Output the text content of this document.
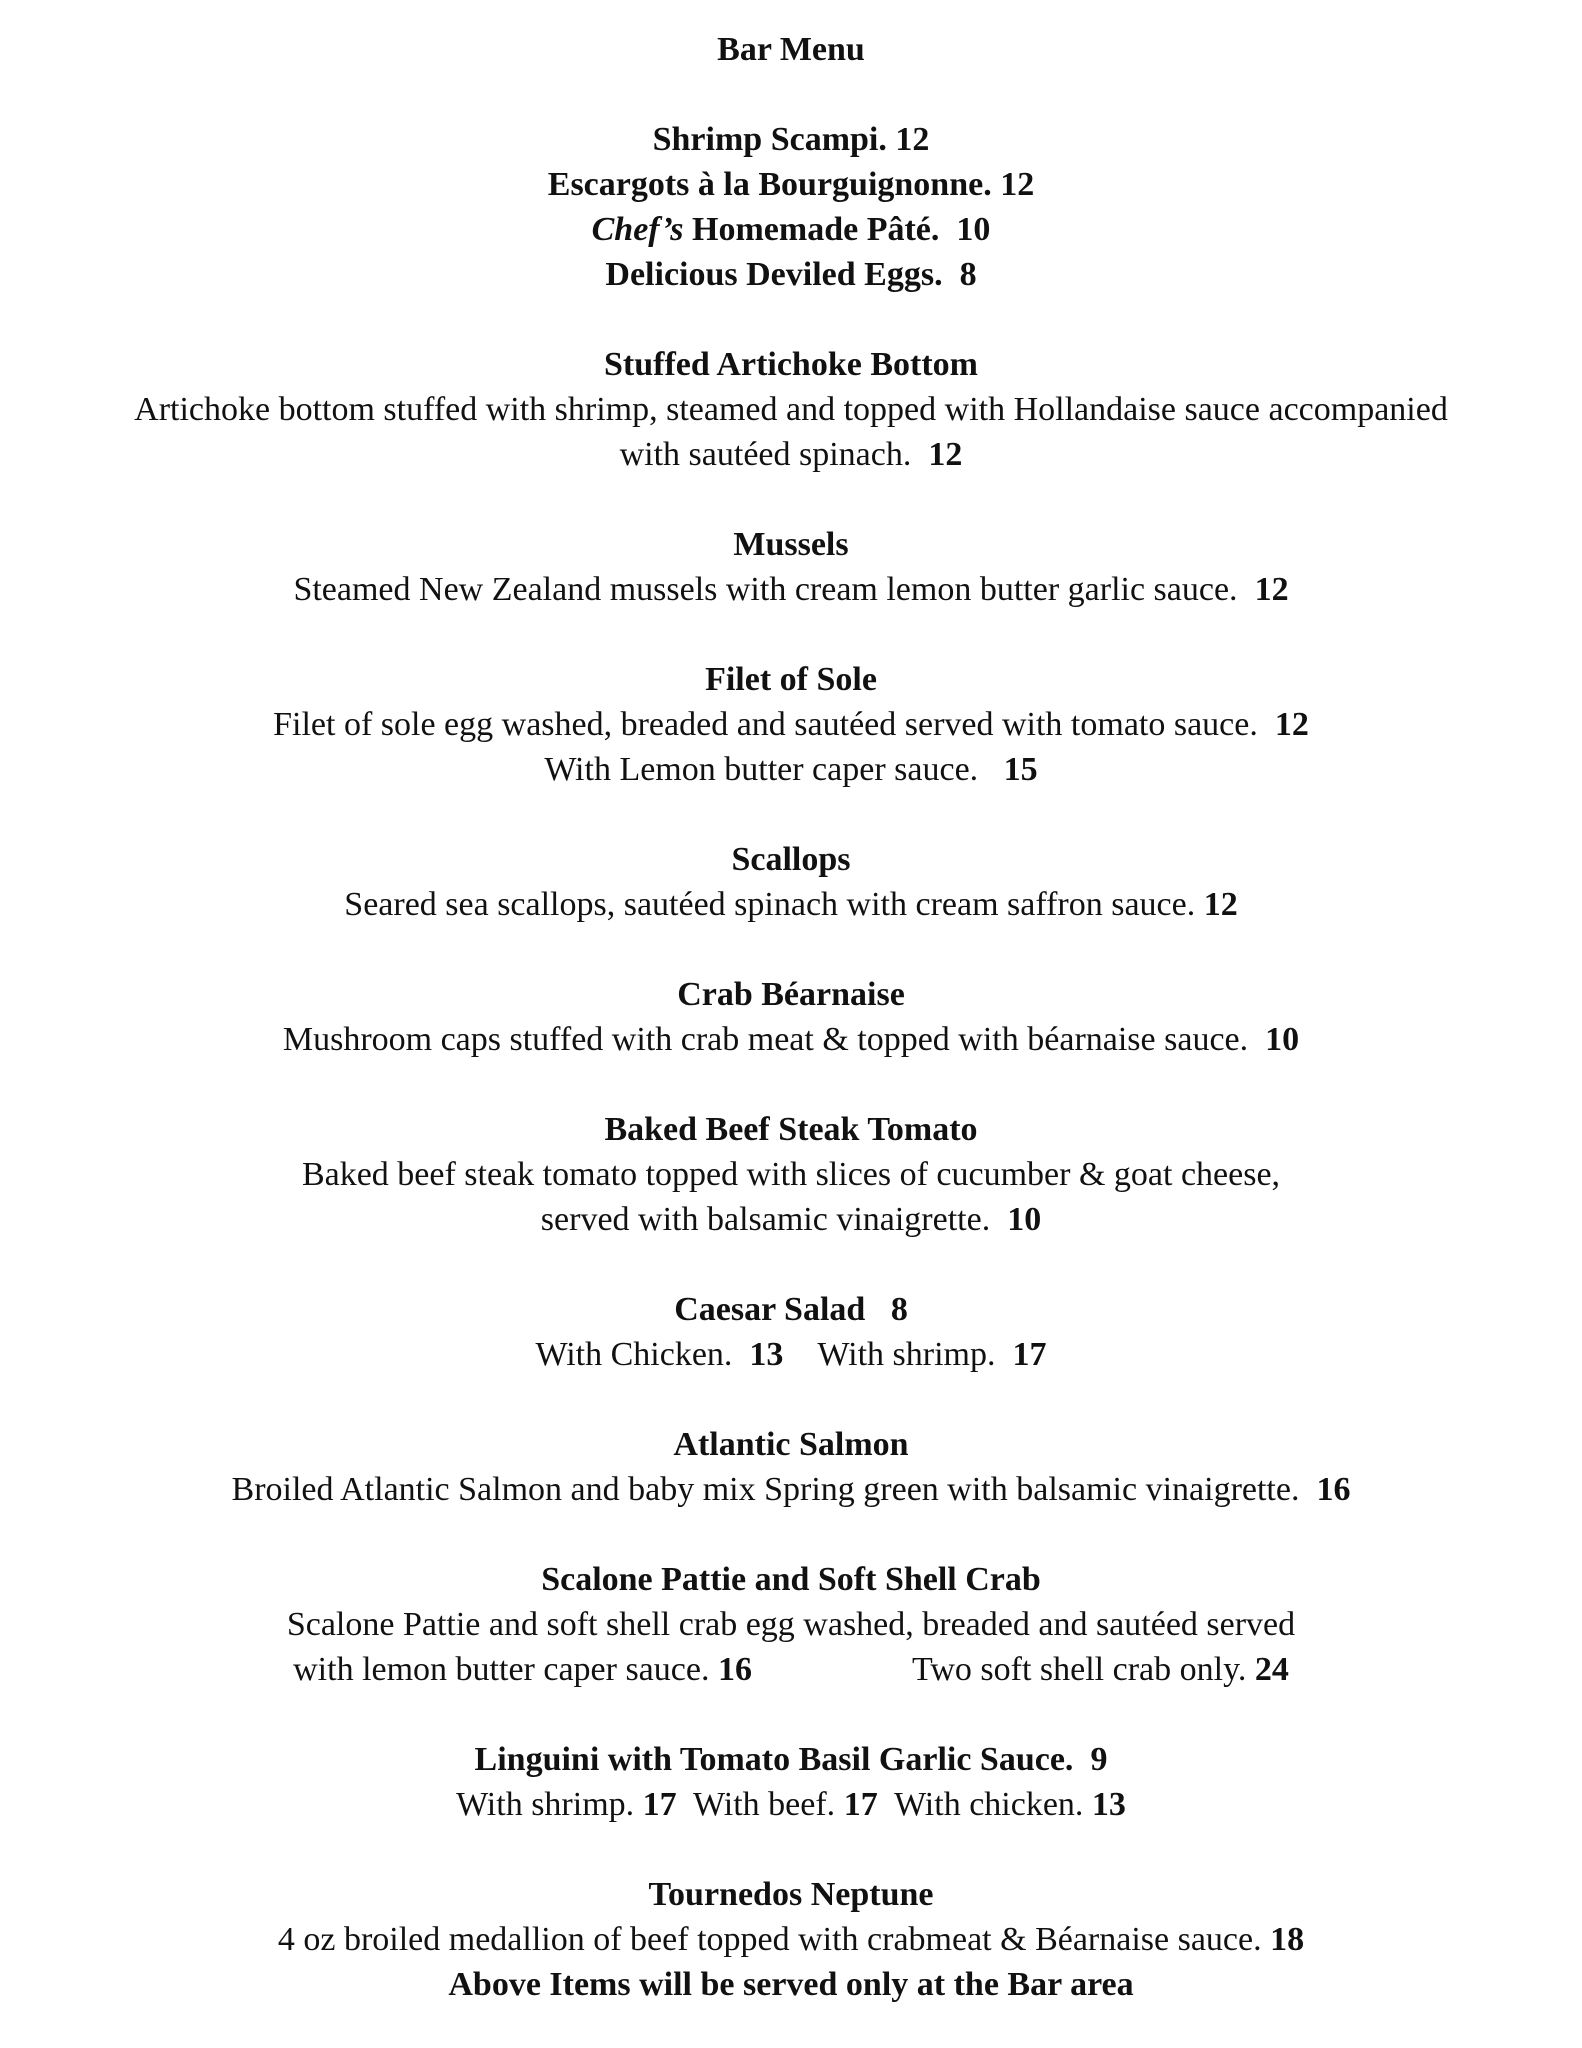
Bar Menu
Shrimp Scampi. 12
Escargots à la Bourguignonne. 12
Chef’s Homemade Pâté. 10
Delicious Deviled Eggs. 8
Stuffed Artichoke Bottom
Artichoke bottom stuffed with shrimp, steamed and topped with Hollandaise sauce accompanied
with sautéed spinach. 12
Mussels
Steamed New Zealand mussels with cream lemon butter garlic sauce. 12
Filet of Sole
Filet of sole egg washed, breaded and sautéed served with tomato sauce. 12
With Lemon butter caper sauce. 15
Scallops
Seared sea scallops, sautéed spinach with cream saffron sauce. 12
Crab Béarnaise
Mushroom caps stuffed with crab meat & topped with béarnaise sauce. 10
Baked Beef Steak Tomato
Baked beef steak tomato topped with slices of cucumber & goat cheese,
served with balsamic vinaigrette. 10
Caesar Salad 8
With Chicken. 13 With shrimp. 17
Atlantic Salmon
Broiled Atlantic Salmon and baby mix Spring green with balsamic vinaigrette. 16
Scalone Pattie and Soft Shell Crab
Scalone Pattie and soft shell crab egg washed, breaded and sautéed served
with lemon butter caper sauce. 16	Two soft shell crab only. 24
Linguini with Tomato Basil Garlic Sauce. 9
With shrimp. 17 With beef. 17 With chicken. 13
Tournedos Neptune
4 oz broiled medallion of beef topped with crabmeat & Béarnaise sauce. 18
Above Items will be served only at the Bar area
